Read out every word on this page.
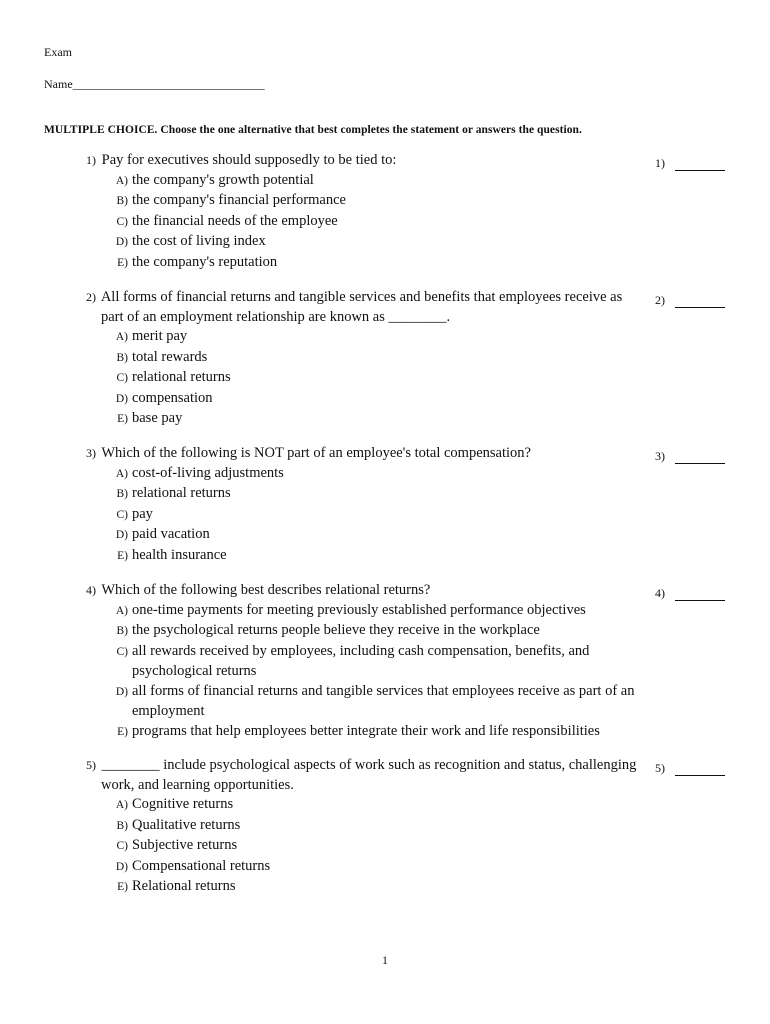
Exam
Name________________________________
MULTIPLE CHOICE. Choose the one alternative that best completes the statement or answers the question.
1) Pay for executives should supposedly to be tied to:
A) the company's growth potential
B) the company's financial performance
C) the financial needs of the employee
D) the cost of living index
E) the company's reputation
1)
2) All forms of financial returns and tangible services and benefits that employees receive as part of an employment relationship are known as ________.
A) merit pay
B) total rewards
C) relational returns
D) compensation
E) base pay
2)
3) Which of the following is NOT part of an employee's total compensation?
A) cost-of-living adjustments
B) relational returns
C) pay
D) paid vacation
E) health insurance
3)
4) Which of the following best describes relational returns?
A) one-time payments for meeting previously established performance objectives
B) the psychological returns people believe they receive in the workplace
C) all rewards received by employees, including cash compensation, benefits, and psychological returns
D) all forms of financial returns and tangible services that employees receive as part of an employment
E) programs that help employees better integrate their work and life responsibilities
4)
5) ________ include psychological aspects of work such as recognition and status, challenging work, and learning opportunities.
A) Cognitive returns
B) Qualitative returns
C) Subjective returns
D) Compensational returns
E) Relational returns
5)
1
